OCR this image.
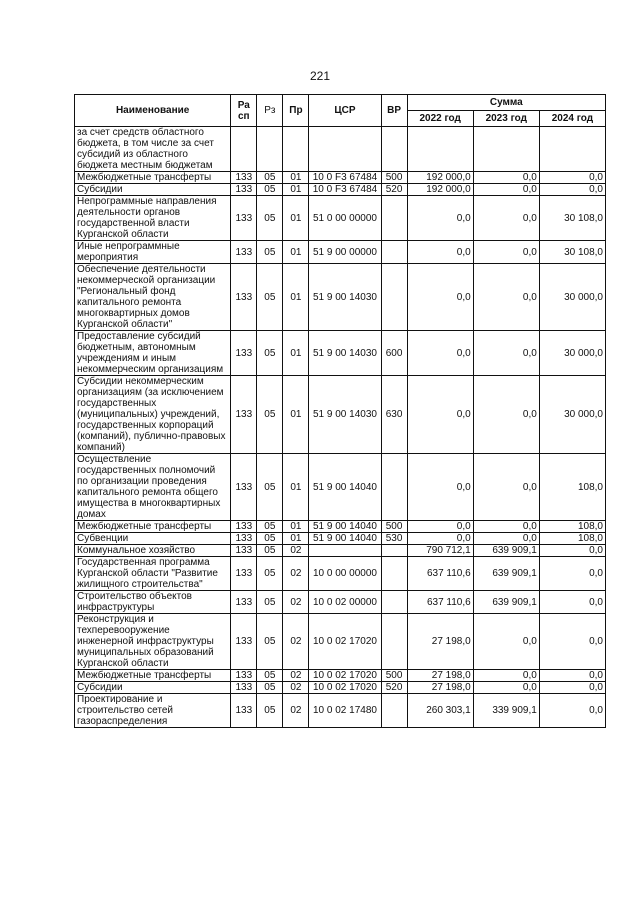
221
Наименование	Ра сп	Рз	Пр	ЦСР	ВР	Сумма		
						2022 год	2023 год	2024 год
за счет средств областного бюджета, в том числе за счет субсидий из областного бюджета местным бюджетам								
Межбюджетные трансферты	133	05	01	10 0 F3 67484	500	192 000,0	0,0	0,0
Субсидии	133	05	01	10 0 F3 67484	520	192 000,0	0,0	0,0
Непрограммные направления деятельности органов государственной власти Курганской области	133	05	01	51 0 00 00000		0,0	0,0	30 108,0
Иные непрограммные мероприятия	133	05	01	51 9 00 00000		0,0	0,0	30 108,0
Обеспечение деятельности некоммерческой организации "Региональный фонд капитального ремонта многоквартирных домов Курганской области"	133	05	01	51 9 00 14030		0,0	0,0	30 000,0
Предоставление субсидий бюджетным, автономным учреждениям и иным некоммерческим организациям	133	05	01	51 9 00 14030	600	0,0	0,0	30 000,0
Субсидии некоммерческим организациям (за исключением государственных (муниципальных) учреждений, государственных корпораций (компаний), публично-правовых компаний)	133	05	01	51 9 00 14030	630	0,0	0,0	30 000,0
Осуществление государственных полномочий по организации проведения капитального ремонта общего имущества в многоквартирных домах	133	05	01	51 9 00 14040		0,0	0,0	108,0
Межбюджетные трансферты	133	05	01	51 9 00 14040	500	0,0	0,0	108,0
Субвенции	133	05	01	51 9 00 14040	530	0,0	0,0	108,0
Коммунальное хозяйство	133	05	02			790 712,1	639 909,1	0,0
Государственная программа Курганской области "Развитие жилищного строительства"	133	05	02	10 0 00 00000		637 110,6	639 909,1	0,0
Строительство объектов инфраструктуры	133	05	02	10 0 02 00000		637 110,6	639 909,1	0,0
Реконструкция и техперевооружение инженерной инфраструктуры муниципальных образований Курганской области	133	05	02	10 0 02 17020		27 198,0	0,0	0,0
Межбюджетные трансферты	133	05	02	10 0 02 17020	500	27 198,0	0,0	0,0
Субсидии	133	05	02	10 0 02 17020	520	27 198,0	0,0	0,0
Проектирование и строительство сетей газораспределения	133	05	02	10 0 02 17480		260 303,1	339 909,1	0,0
